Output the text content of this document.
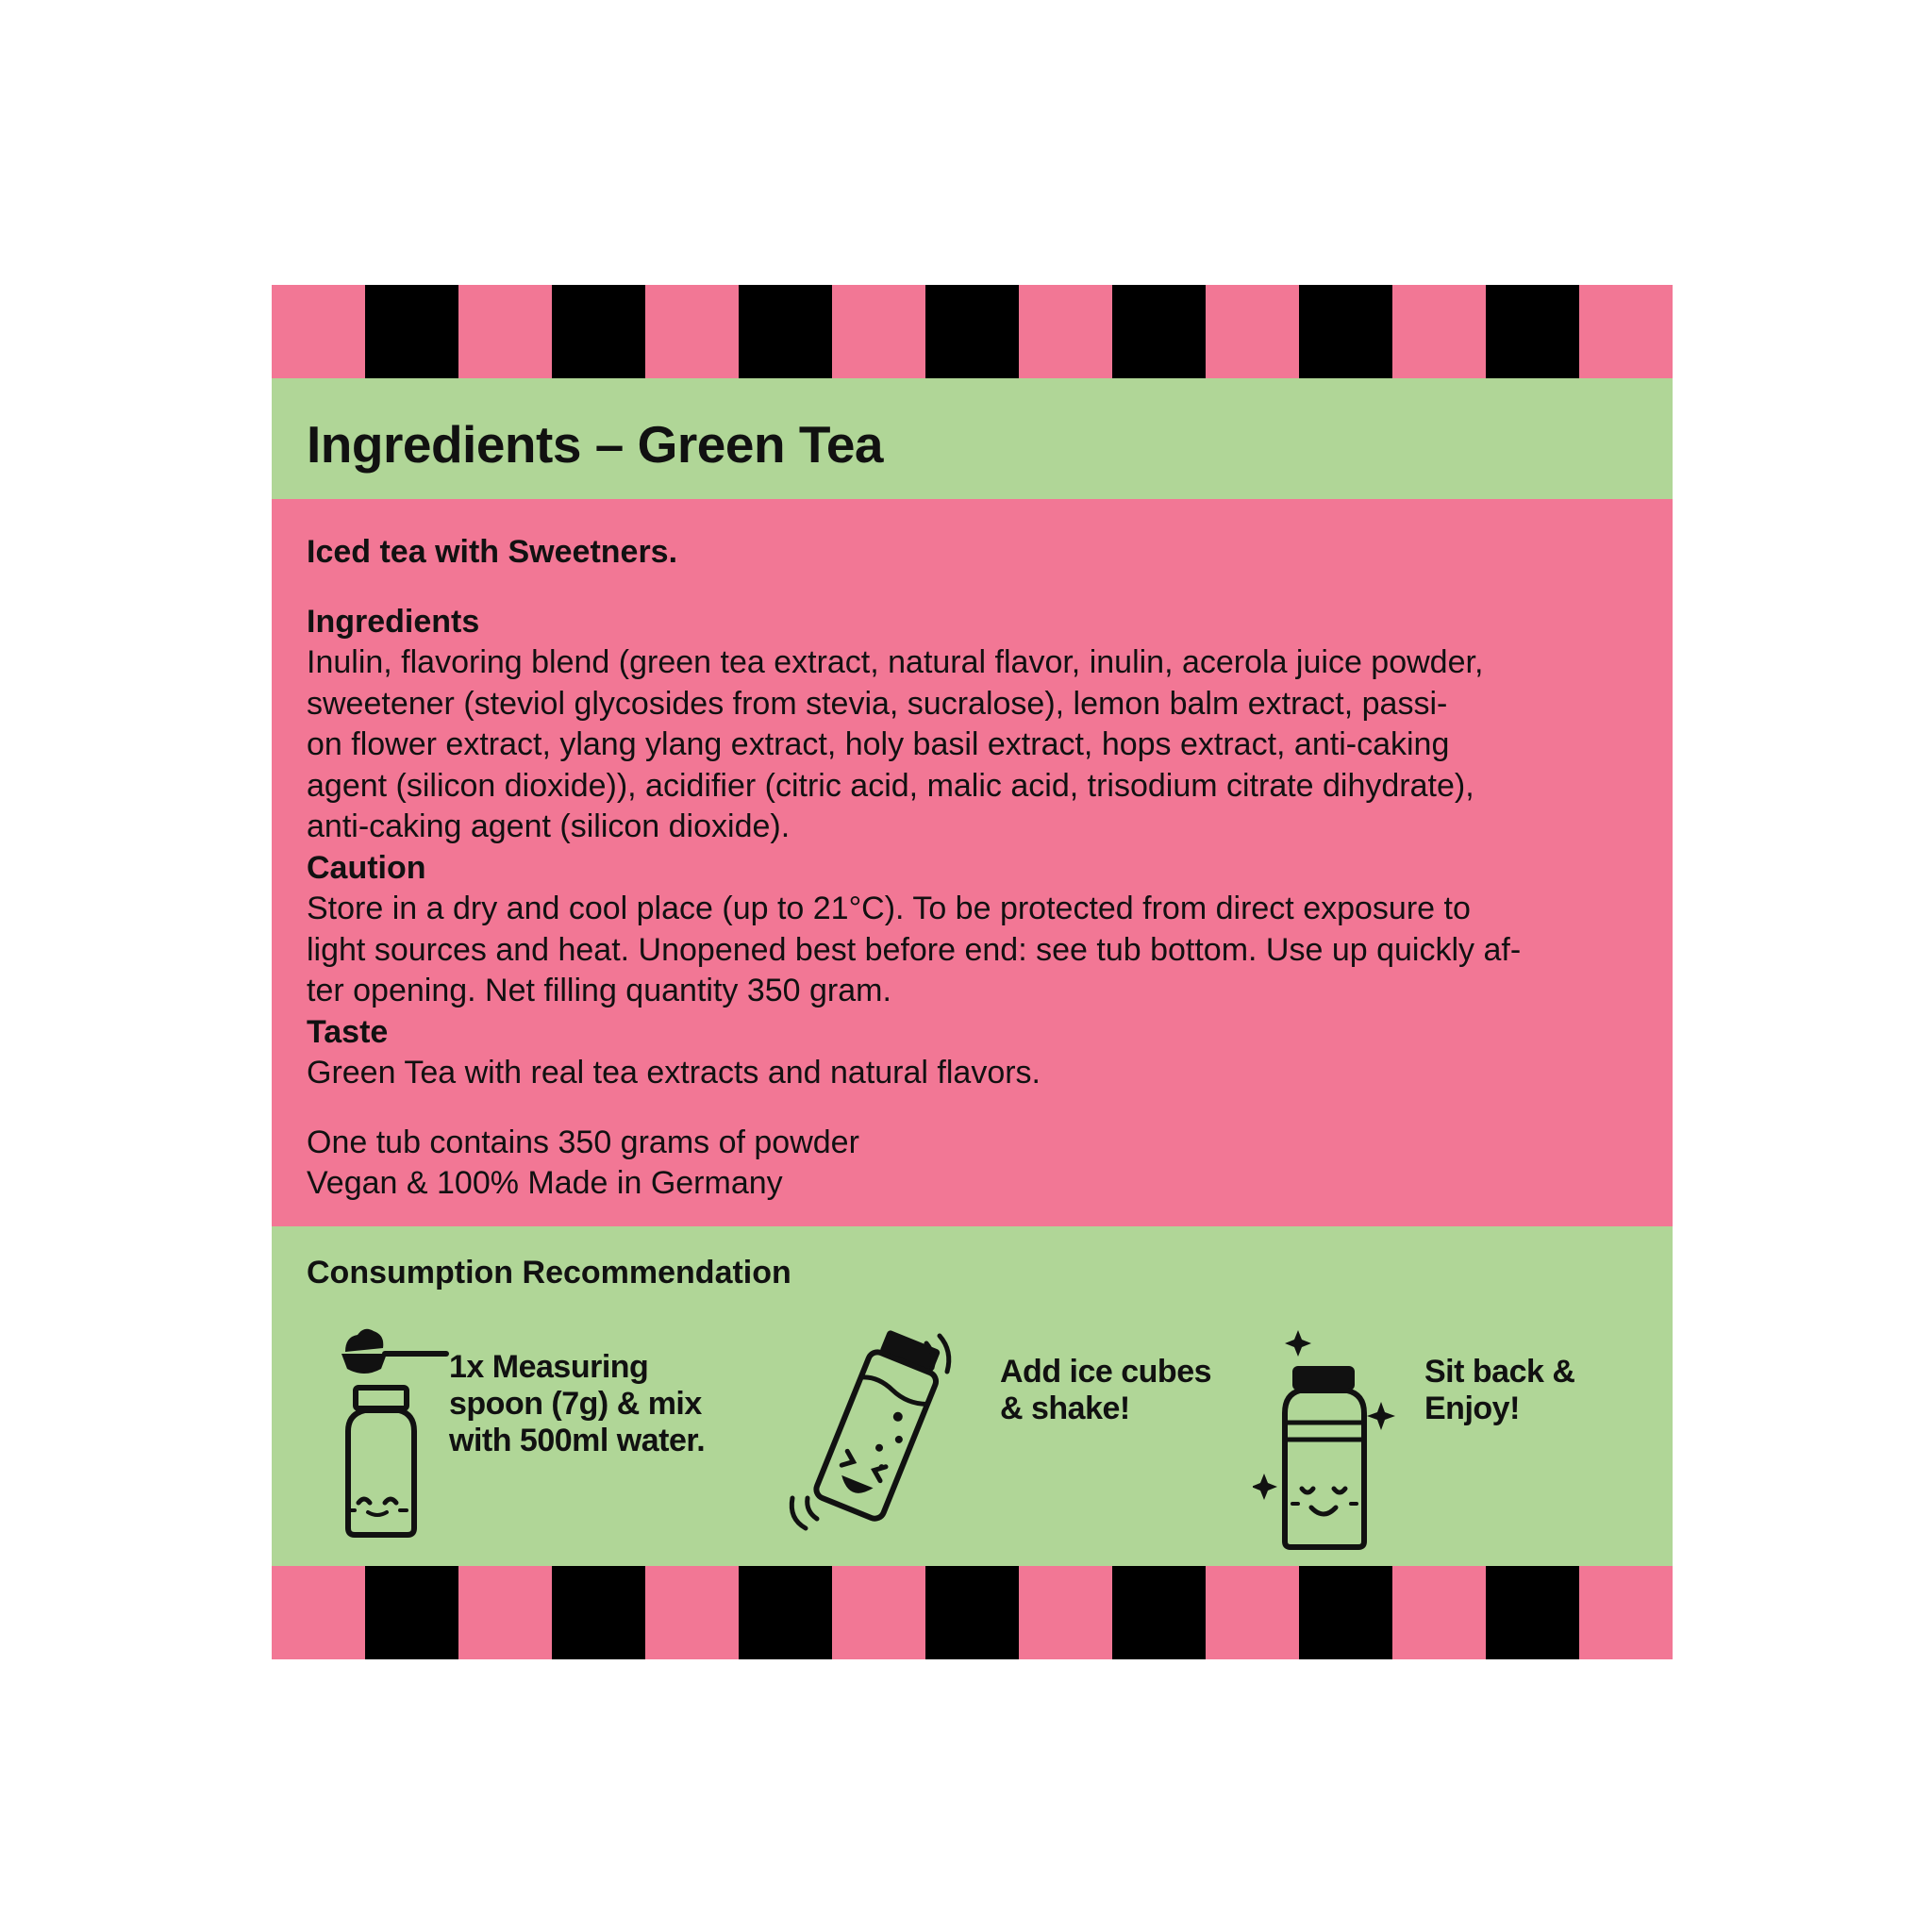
Ingredients – Green Tea

Iced tea with Sweetners.

Ingredients

Inulin, flavoring blend (green tea extract, natural flavor, inulin, acerola juice powder,

sweetener (steviol glycosides from stevia, sucralose), lemon balm extract, passi-

on flower extract, ylang ylang extract, holy basil extract, hops extract, anti-caking

agent (silicon dioxide)), acidifier (citric acid, malic acid, trisodium citrate dihydrate),

anti-caking agent (silicon dioxide).

Caution

Store in a dry and cool place (up to 21°C). To be protected from direct exposure to

light sources and heat. Unopened best before end: see tub bottom. Use up quickly af-

ter opening. Net filling quantity 350 gram.

Taste

Green Tea with real tea extracts and natural flavors.

One tub contains 350 grams of powder

Vegan & 100% Made in Germany

Consumption Recommendation
1x Measuring
spoon (7g) & mix
with 500ml water.
Add ice cubes
& shake!
Sit back &
Enjoy!
